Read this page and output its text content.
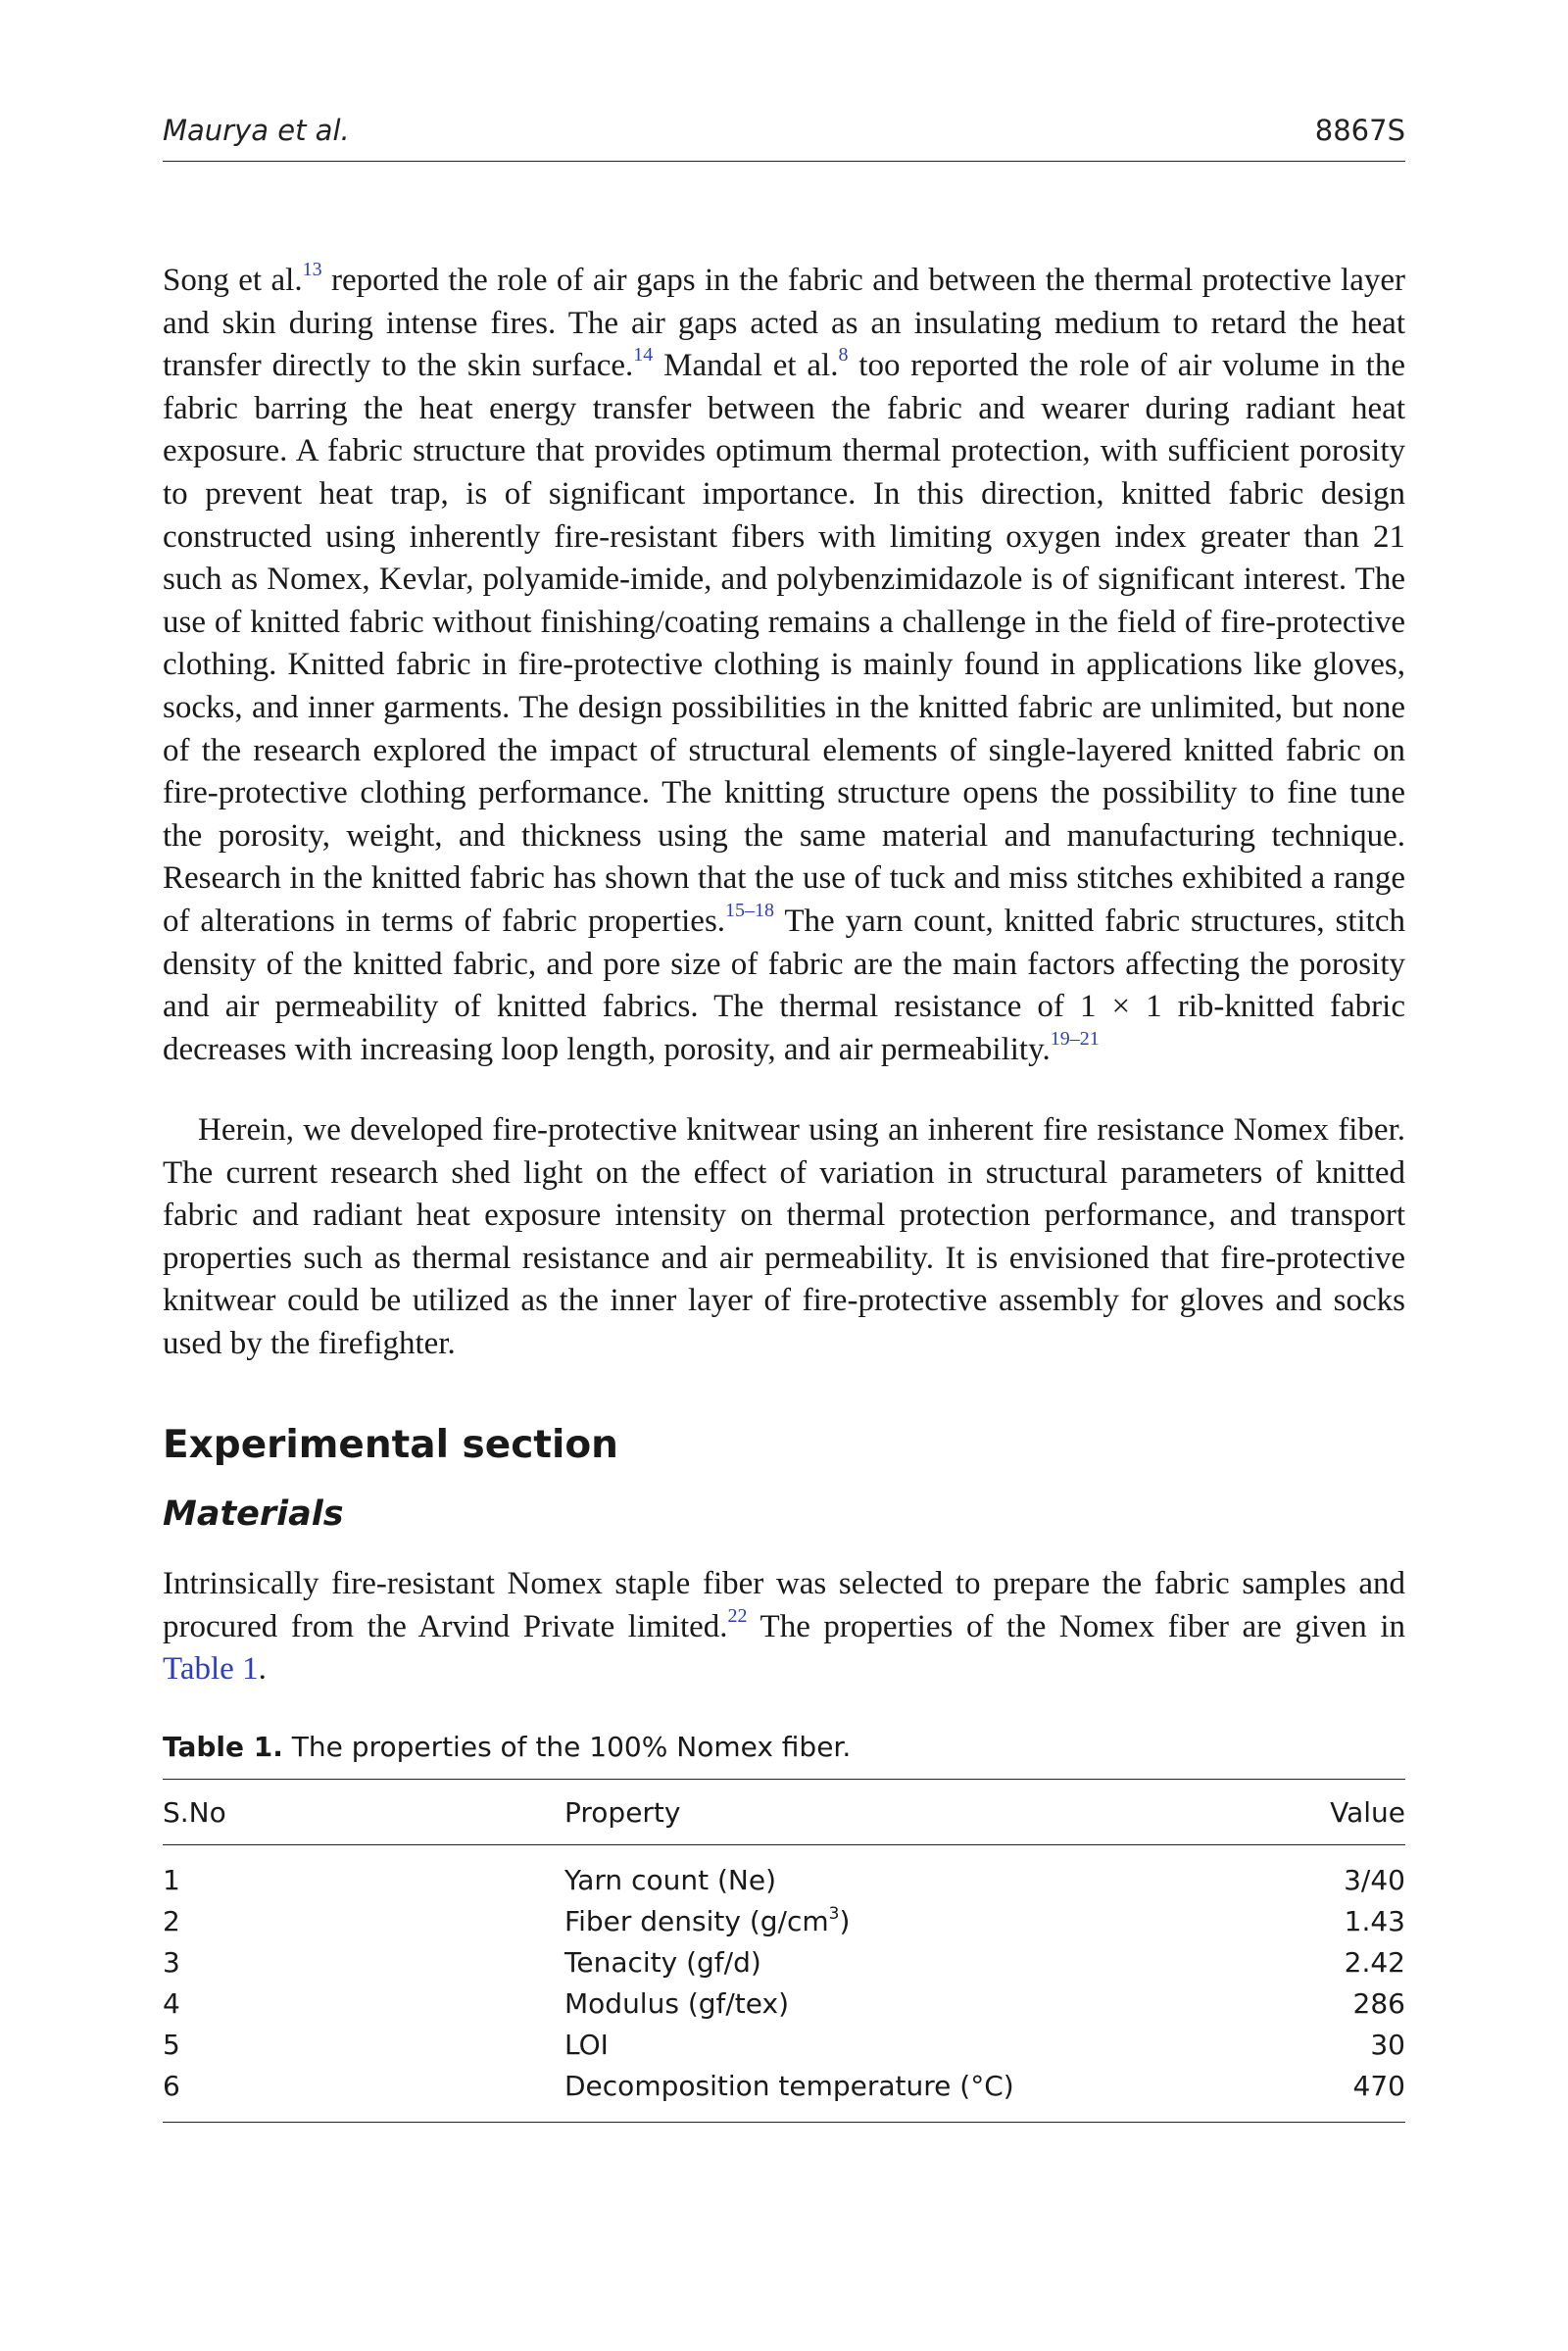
Maurya et al.	8867S

Song et al.$^{13}$ reported the role of air gaps in the fabric and between the thermal protective layer and skin during intense fires. The air gaps acted as an insulating medium to retard the heat transfer directly to the skin surface.$^{14}$ Mandal et al.$^8$ too reported the role of air volume in the fabric barring the heat energy transfer between the fabric and wearer during radiant heat exposure. A fabric structure that provides optimum thermal protection, with sufficient porosity to prevent heat trap, is of significant importance. In this direction, knitted fabric design constructed using inherently fire-resistant fibers with limiting oxygen index greater than 21 such as Nomex, Kevlar, polyamide-imide, and polybenzimidazole is of significant interest. The use of knitted fabric without finishing/coating remains a challenge in the field of fire-protective clothing. Knitted fabric in fire-protective clothing is mainly found in applications like gloves, socks, and inner garments. The design possibilities in the knitted fabric are unlimited, but none of the research explored the impact of structural elements of single-layered knitted fabric on fire-protective clothing performance. The knitting structure opens the possibility to fine tune the porosity, weight, and thickness using the same material and manufacturing technique. Research in the knitted fabric has shown that the use of tuck and miss stitches exhibited a range of alterations in terms of fabric properties.$^{15-18}$ The yarn count, knitted fabric structures, stitch density of the knitted fabric, and pore size of fabric are the main factors affecting the porosity and air permeability of knitted fabrics. The thermal resistance of 1 × 1 rib-knitted fabric decreases with increasing loop length, porosity, and air permeability.$^{19-21}$

Herein, we developed fire-protective knitwear using an inherent fire resistance Nomex fiber. The current research shed light on the effect of variation in structural parameters of knitted fabric and radiant heat exposure intensity on thermal protection performance, and transport properties such as thermal resistance and air permeability. It is envisioned that fire-protective knitwear could be utilized as the inner layer of fire-protective assembly for gloves and socks used by the firefighter.

Experimental section
Materials

Intrinsically fire-resistant Nomex staple fiber was selected to prepare the fabric samples and procured from the Arvind Private limited.$^{22}$ The properties of the Nomex fiber are given in Table 1.

Table 1. The properties of the 100% Nomex fiber.

S.No	Property	Value
1	Yarn count (Ne)	3/40
2	Fiber density $(g/cm^3)$	1.43
3	Tenacity (gf/d)	2.42
4	Modulus (gf/tex)	286
5	LOI	30
6	Decomposition temperature (°C)	470
